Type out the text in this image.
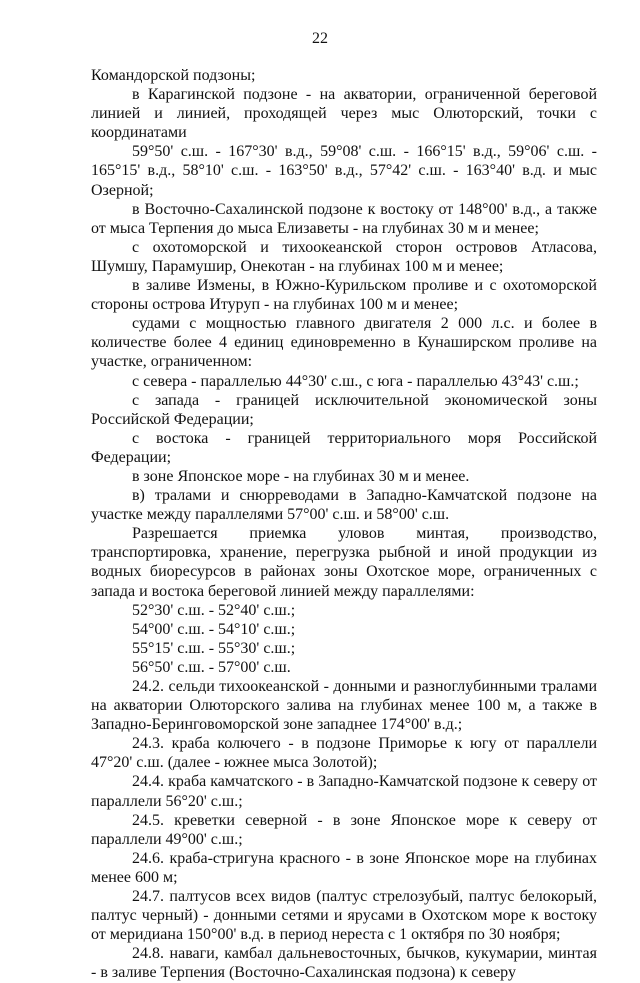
22

Командорской подзоны;

в Карагинской подзоне - на акватории, ограниченной береговой линией и линией, проходящей через мыс Олюторский, точки с координатами

59°50' с.ш. - 167°30' в.д., 59°08' с.ш. - 166°15' в.д., 59°06' с.ш. - 165°15' в.д., 58°10' с.ш. - 163°50' в.д., 57°42' с.ш. - 163°40' в.д. и мыс Озерной;

в Восточно-Сахалинской подзоне к востоку от 148°00' в.д., а также от мыса Терпения до мыса Елизаветы - на глубинах 30 м и менее;

с охотоморской и тихоокеанской сторон островов Атласова, Шумшу, Парамушир, Онекотан - на глубинах 100 м и менее;

в заливе Измены, в Южно-Курильском проливе и с охотоморской стороны острова Итуруп - на глубинах 100 м и менее;

судами с мощностью главного двигателя 2 000 л.с. и более в количестве более 4 единиц единовременно в Кунаширском проливе на участке, ограниченном:

с севера - параллелью 44°30' с.ш., с юга - параллелью 43°43' с.ш.;

с запада - границей исключительной экономической зоны Российской Федерации;

с востока - границей территориального моря Российской Федерации;

в зоне Японское море - на глубинах 30 м и менее.

в) тралами и снюрреводами в Западно-Камчатской подзоне на участке между параллелями 57°00' с.ш. и 58°00' с.ш.

Разрешается приемка уловов минтая, производство, транспортировка, хранение, перегрузка рыбной и иной продукции из водных биоресурсов в районах зоны Охотское море, ограниченных с запада и востока береговой линией между параллелями:

52°30' с.ш. - 52°40' с.ш.;

54°00' с.ш. - 54°10' с.ш.;

55°15' с.ш. - 55°30' с.ш.;

56°50' с.ш. - 57°00' с.ш.

24.2. сельди тихоокеанской - донными и разноглубинными тралами на акватории Олюторского залива на глубинах менее 100 м, а также в Западно-Беринговоморской зоне западнее 174°00' в.д.;

24.3. краба колючего - в подзоне Приморье к югу от параллели 47°20' с.ш. (далее - южнее мыса Золотой);

24.4. краба камчатского - в Западно-Камчатской подзоне к северу от параллели 56°20' с.ш.;

24.5. креветки северной - в зоне Японское море к северу от параллели 49°00' с.ш.;

24.6. краба-стригуна красного - в зоне Японское море на глубинах менее 600 м;

24.7. палтусов всех видов (палтус стрелозубый, палтус белокорый, палтус черный) - донными сетями и ярусами в Охотском море к востоку от меридиана 150°00' в.д. в период нереста с 1 октября по 30 ноября;

24.8. наваги, камбал дальневосточных, бычков, кукумарии, минтая - в заливе Терпения (Восточно-Сахалинская подзона) к северу
